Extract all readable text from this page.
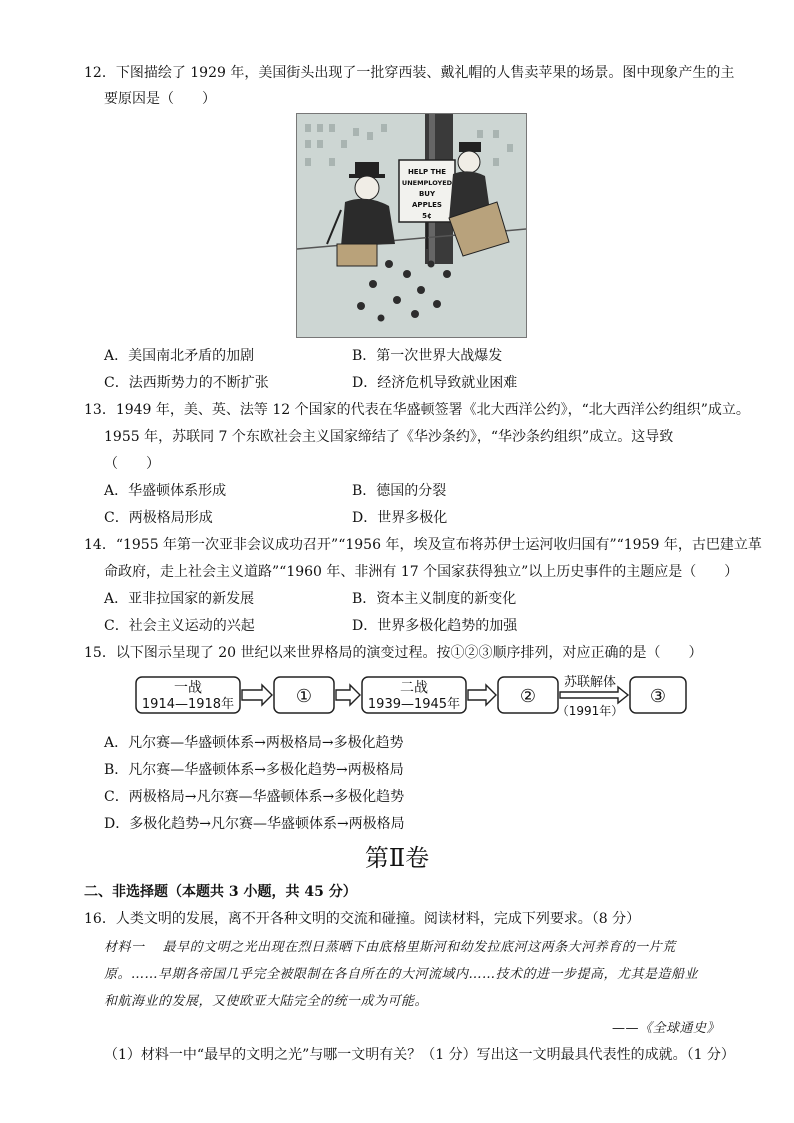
12．下图描绘了 1929 年，美国街头出现了一批穿西装、戴礼帽的人售卖苹果的场景。图中现象产生的主
要原因是（　　）
HELP THE
UNEMPLOYED
BUY
APPLES
5¢
A．美国南北矛盾的加剧	B．第一次世界大战爆发
C．法西斯势力的不断扩张	D．经济危机导致就业困难
13．1949 年，美、英、法等 12 个国家的代表在华盛顿签署《北大西洋公约》，“北大西洋公约组织”成立。
1955 年，苏联同 7 个东欧社会主义国家缔结了《华沙条约》，“华沙条约组织”成立。这导致
（　　）
A．华盛顿体系形成	B．德国的分裂
C．两极格局形成	D．世界多极化
14．“1955 年第一次亚非会议成功召开”“1956 年，埃及宣布将苏伊士运河收归国有”“1959 年，古巴建立革
命政府，走上社会主义道路”“1960 年、非洲有 17 个国家获得独立”以上历史事件的主题应是（　　）
A．亚非拉国家的新发展	B．资本主义制度的新变化
C．社会主义运动的兴起	D．世界多极化趋势的加强
15．以下图示呈现了 20 世纪以来世界格局的演变过程。按①②③顺序排列，对应正确的是（　　）
一战
1914—1918年	①	二战
1939—1945年	②
苏联解体
（1991年）
③
A．凡尔赛—华盛顿体系→两极格局→多极化趋势
B．凡尔赛—华盛顿体系→多极化趋势→两极格局
C．两极格局→凡尔赛—华盛顿体系→多极化趋势
D．多极化趋势→凡尔赛—华盛顿体系→两极格局
第Ⅱ卷
二、非选择题（本题共 3 小题，共 45 分）
16．人类文明的发展，离不开各种文明的交流和碰撞。阅读材料，完成下列要求。（8 分）
材料一　 最早的文明之光出现在烈日蒸晒下由底格里斯河和幼发拉底河这两条大河养育的一片荒
原。……早期各帝国几乎完全被限制在各自所在的大河流域内……技术的进一步提高，尤其是造船业
和航海业的发展，又使欧亚大陆完全的统一成为可能。
——《全球通史》
（1）材料一中“最早的文明之光”与哪一文明有关？（1 分）写出这一文明最具代表性的成就。（1 分）
